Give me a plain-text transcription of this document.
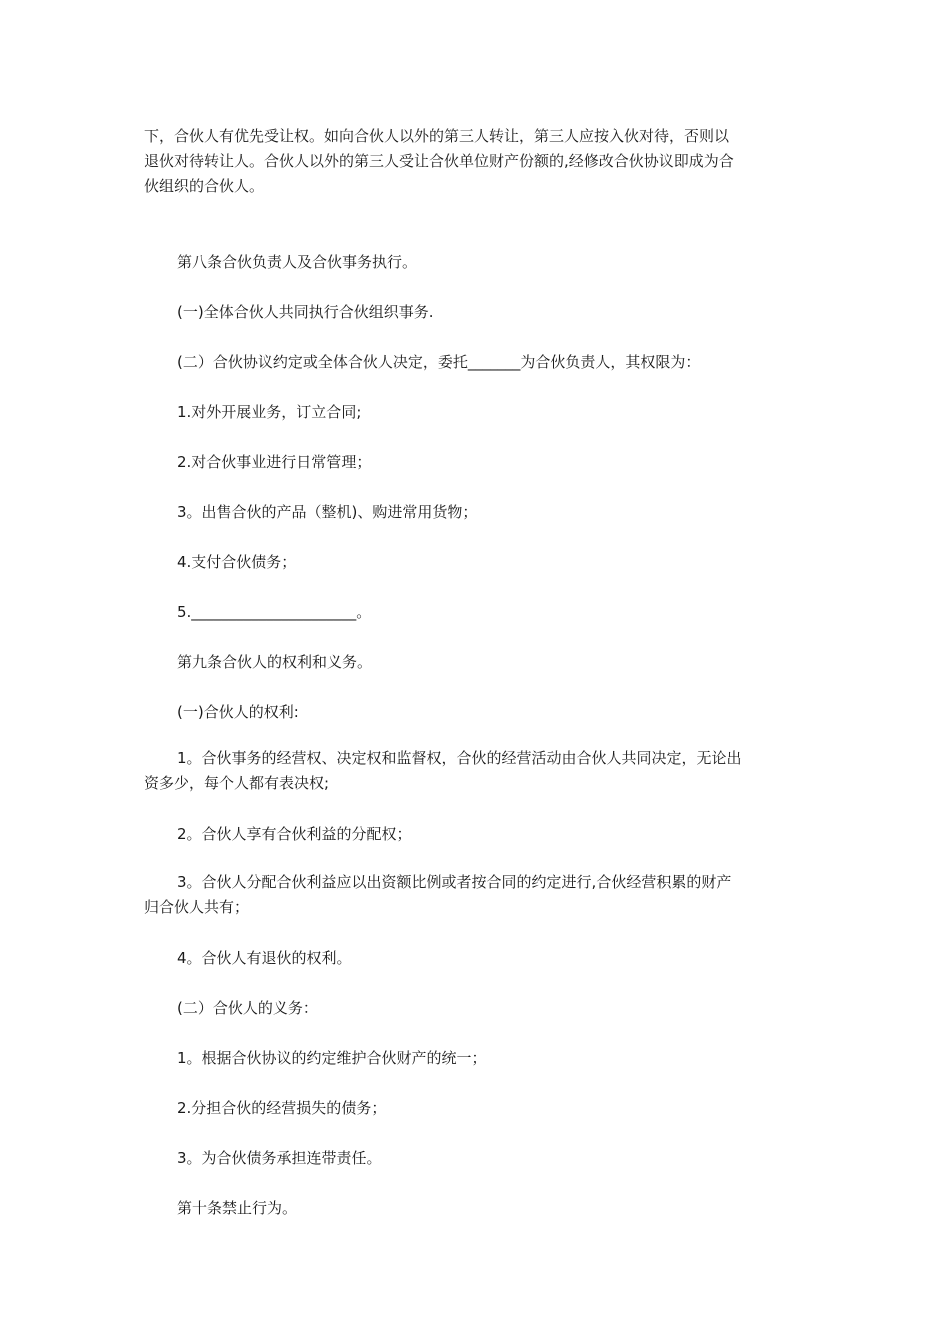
下，合伙人有优先受让权。如向合伙人以外的第三人转让，第三人应按入伙对待，否则以
退伙对待转让人。合伙人以外的第三人受让合伙单位财产份额的,经修改合伙协议即成为合
伙组织的合伙人。
第八条合伙负责人及合伙事务执行。
(一)全体合伙人共同执行合伙组织事务.
(二）合伙协议约定或全体合伙人决定，委托_______为合伙负责人，其权限为：
1.对外开展业务，订立合同;
2.对合伙事业进行日常管理；
3。出售合伙的产品（整机)、购进常用货物；
4.支付合伙债务；
5.______________________。
第九条合伙人的权利和义务。
(一)合伙人的权利:
1。合伙事务的经营权、决定权和监督权，合伙的经营活动由合伙人共同决定，无论出
资多少，每个人都有表决权;
2。合伙人享有合伙利益的分配权；
3。合伙人分配合伙利益应以出资额比例或者按合同的约定进行,合伙经营积累的财产
归合伙人共有；
4。合伙人有退伙的权利。
(二）合伙人的义务：
1。根据合伙协议的约定维护合伙财产的统一；
2.分担合伙的经营损失的债务；
3。为合伙债务承担连带责任。
第十条禁止行为。
